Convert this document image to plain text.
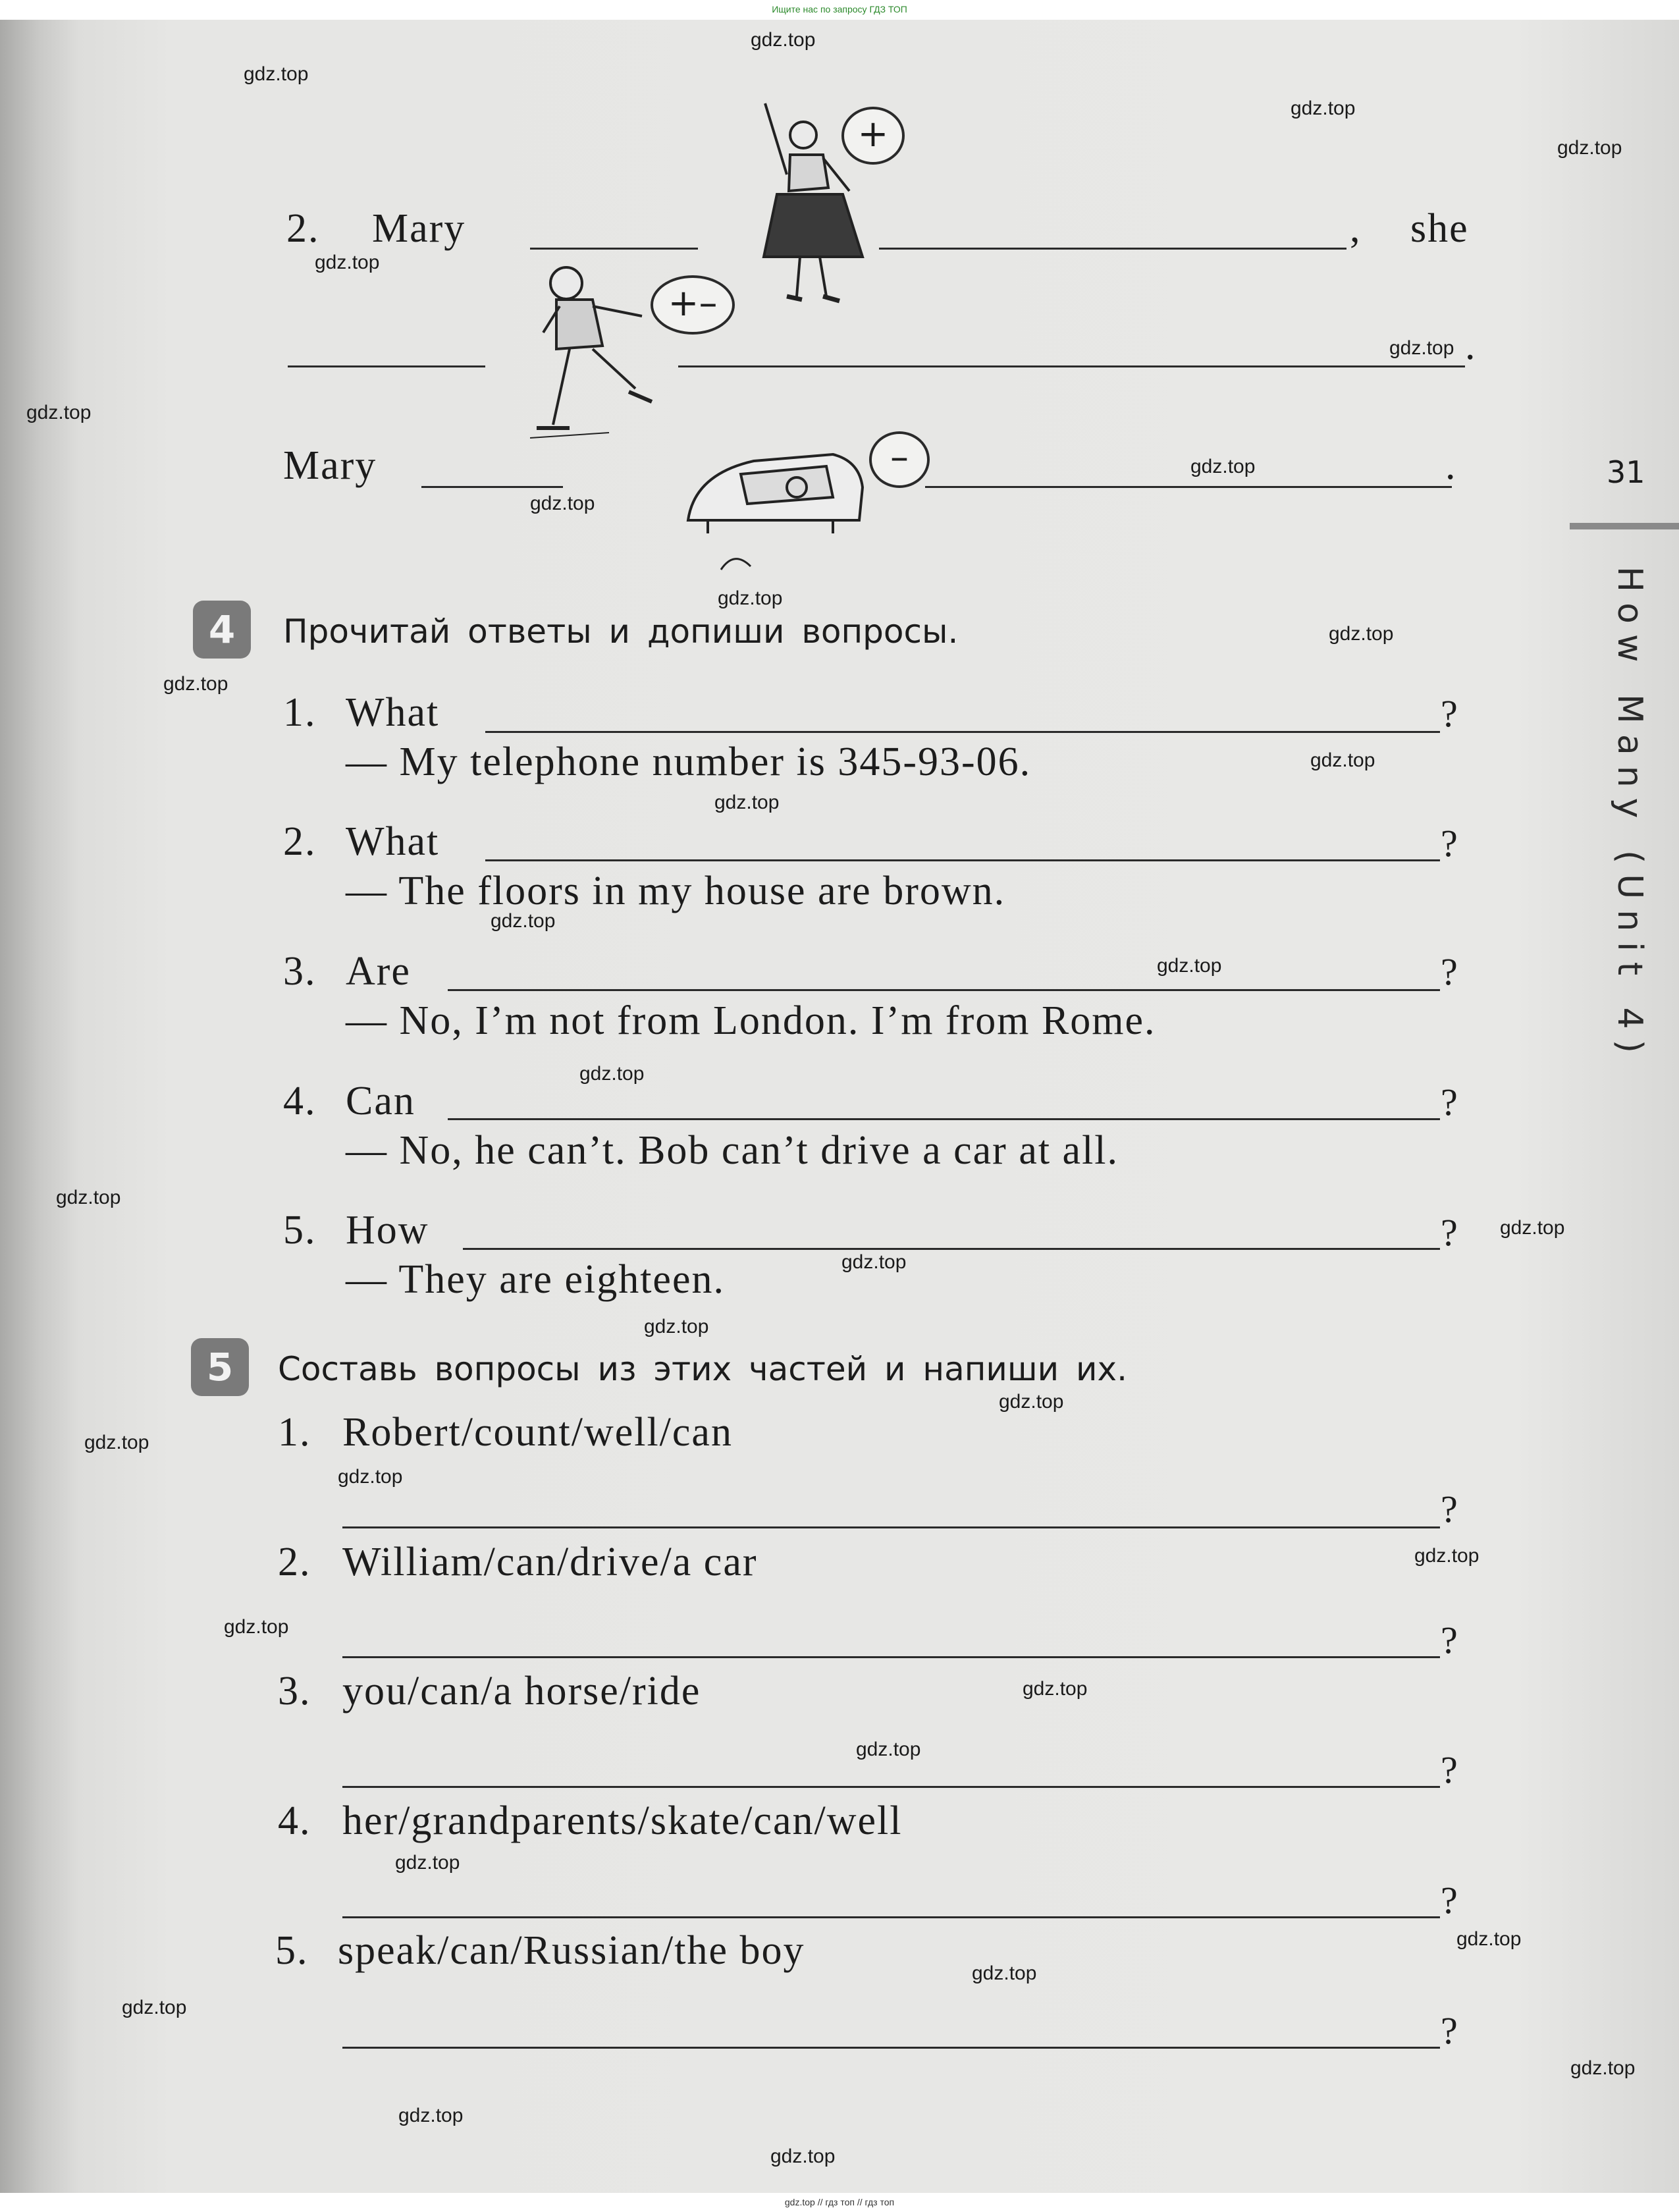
Ищите нас по запросу ГДЗ ТОП
31
How Many (Unit 4)
2. Mary	, she
.
Mary	.
+
+–
–
4	Прочитай ответы и допиши вопросы.
1. What	?
— My telephone number is 345-93-06.
2. What	?
— The floors in my house are brown.
3. Are	?
— No, I’m not from London. I’m from Rome.
4. Can	?
— No, he can’t. Bob can’t drive a car at all.
5. How	?
— They are eighteen.
5	Составь вопросы из этих частей и напиши их.
1. Robert/count/well/can
?
2. William/can/drive/a car
?
3. you/can/a horse/ride
?
4. her/grandparents/skate/can/well
?
5. speak/can/Russian/the boy
?
gdz.top
gdz.top
gdz.top
gdz.top
gdz.top
gdz.top
gdz.top
gdz.top
gdz.top
gdz.top
gdz.top
gdz.top
gdz.top
gdz.top
gdz.top
gdz.top
gdz.top
gdz.top
gdz.top
gdz.top
gdz.top
gdz.top
gdz.top
gdz.top
gdz.top
gdz.top
gdz.top
gdz.top
gdz.top
gdz.top
gdz.top
gdz.top
gdz.top
gdz.top
gdz.top
gdz.top // гдз топ // гдз топ
